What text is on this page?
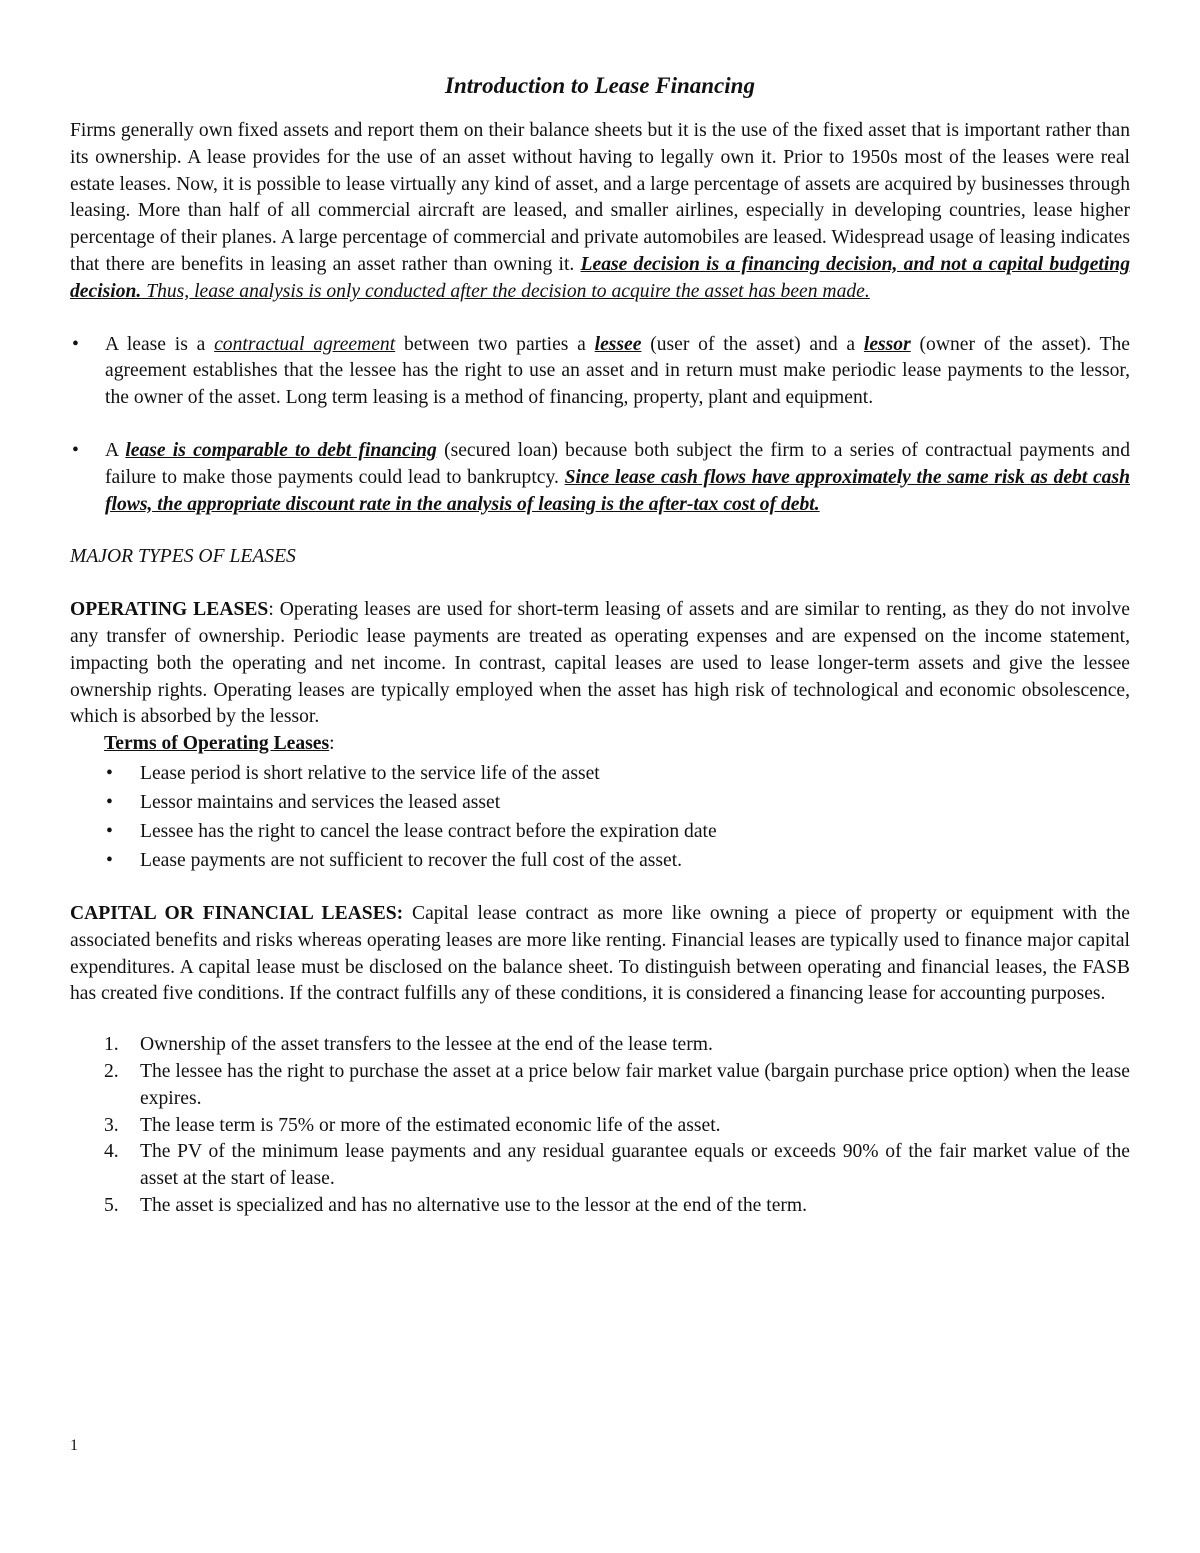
Introduction to Lease Financing

Firms generally own fixed assets and report them on their balance sheets but it is the use of the fixed asset that is important rather than its ownership. A lease provides for the use of an asset without having to legally own it. Prior to 1950s most of the leases were real estate leases. Now, it is possible to lease virtually any kind of asset, and a large percentage of assets are acquired by businesses through leasing. More than half of all commercial aircraft are leased, and smaller airlines, especially in developing countries, lease higher percentage of their planes. A large percentage of commercial and private automobiles are leased. Widespread usage of leasing indicates that there are benefits in leasing an asset rather than owning it. Lease decision is a financing decision, and not a capital budgeting decision. Thus, lease analysis is only conducted after the decision to acquire the asset has been made.

• A lease is a contractual agreement between two parties a lessee (user of the asset) and a lessor (owner of the asset). The agreement establishes that the lessee has the right to use an asset and in return must make periodic lease payments to the lessor, the owner of the asset. Long term leasing is a method of financing, property, plant and equipment.
• A lease is comparable to debt financing (secured loan) because both subject the firm to a series of contractual payments and failure to make those payments could lead to bankruptcy. Since lease cash flows have approximately the same risk as debt cash flows, the appropriate discount rate in the analysis of leasing is the after-tax cost of debt.
MAJOR TYPES OF LEASES

OPERATING LEASES: Operating leases are used for short-term leasing of assets and are similar to renting, as they do not involve any transfer of ownership. Periodic lease payments are treated as operating expenses and are expensed on the income statement, impacting both the operating and net income. In contrast, capital leases are used to lease longer-term assets and give the lessee ownership rights. Operating leases are typically employed when the asset has high risk of technological and economic obsolescence, which is absorbed by the lessor.

Terms of Operating Leases:
• Lease period is short relative to the service life of the asset
• Lessor maintains and services the leased asset
• Lessee has the right to cancel the lease contract before the expiration date
• Lease payments are not sufficient to recover the full cost of the asset.

CAPITAL OR FINANCIAL LEASES: Capital lease contract as more like owning a piece of property or equipment with the associated benefits and risks whereas operating leases are more like renting. Financial leases are typically used to finance major capital expenditures. A capital lease must be disclosed on the balance sheet. To distinguish between operating and financial leases, the FASB has created five conditions. If the contract fulfills any of these conditions, it is considered a financing lease for accounting purposes.

1. Ownership of the asset transfers to the lessee at the end of the lease term.
2. The lessee has the right to purchase the asset at a price below fair market value (bargain purchase price option) when the lease expires.
3. The lease term is 75% or more of the estimated economic life of the asset.
4. The PV of the minimum lease payments and any residual guarantee equals or exceeds 90% of the fair market value of the asset at the start of lease.
5. The asset is specialized and has no alternative use to the lessor at the end of the term.
1
